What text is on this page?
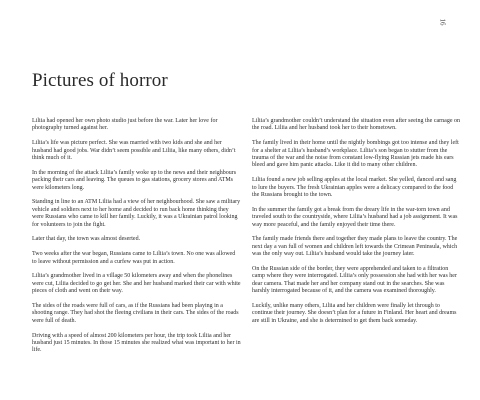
16
Pictures of horror

Liliia had opened her own photo studio just before the war. Later her love for photography turned against her.

Liliia’s life was picture perfect. She was married with two kids and she and her husband had good jobs. War didn’t seem possible and Liliia, like many others, didn’t think much of it.

In the morning of the attack Liliia’s family woke up to the news and their neighbours packing their cars and leaving. The queues to gas stations, grocery stores and ATMs were kilometers long.

Standing in line to an ATM Liliia had a view of her neighbourhood. She saw a military vehicle and soldiers next to her home and decided to run back home thinking they were Russians who came to kill her family. Luckily, it was a Ukrainian patrol looking for volunteers to join the fight.

Later that day, the town was almost deserted.

Two weeks after the war began, Russians came to Liliia’s town. No one was allowed to leave without permission and a curfew was put in action.

Liliia’s grandmother lived in a village 50 kilometers away and when the phonelines were cut, Liliia decided to go get her. She and her husband marked their car with white pieces of cloth and went on their way.

The sides of the roads were full of cars, as if the Russians had been playing in a shooting range. They had shot the fleeing civilians in their cars. The sides of the roads were full of death.

Driving with a speed of almost 200 kilometers per hour, the trip took Liliia and her husband just 15 minutes. In those 15 minutes she realized what was important to her in life.

Liliia’s grandmother couldn’t understand the situation even after seeing the carnage on the road. Liliia and her husband took her to their hometown.

The family lived in their home until the nightly bombings got too intense and they left for a shelter at Liliia’s husband’s workplace. Liliia’s son began to stutter from the trauma of the war and the noise from constant low-flying Russian jets made his ears bleed and gave him panic attacks. Like it did to many other children.

Liliia found a new job selling apples at the local market. She yelled, danced and sang to lure the buyers. The fresh Ukrainian apples were a delicacy compared to the food the Russians brought to the town.

In the summer the family got a break from the dreary life in the war-torn town and traveled south to the countryside, where Liliia’s husband had a job assignment. It was way more peaceful, and the family enjoyed their time there.

The family made friends there and together they made plans to leave the country. The next day a van full of women and children left towards the Crimean Peninsula, which was the only way out. Liliia’s husband would take the journey later.

On the Russian side of the border, they were apprehended and taken to a filtration camp where they were interrogated. Liliia’s only possession she had with her was her dear camera. That made her and her company stand out in the searches. She was harshly interrogated because of it, and the camera was examined thoroughly.

Luckily, unlike many others, Liliia and her children were finally let through to continue their journey. She doesn’t plan for a future in Finland. Her heart and dreams are still in Ukraine, and she is determined to get them back someday.
